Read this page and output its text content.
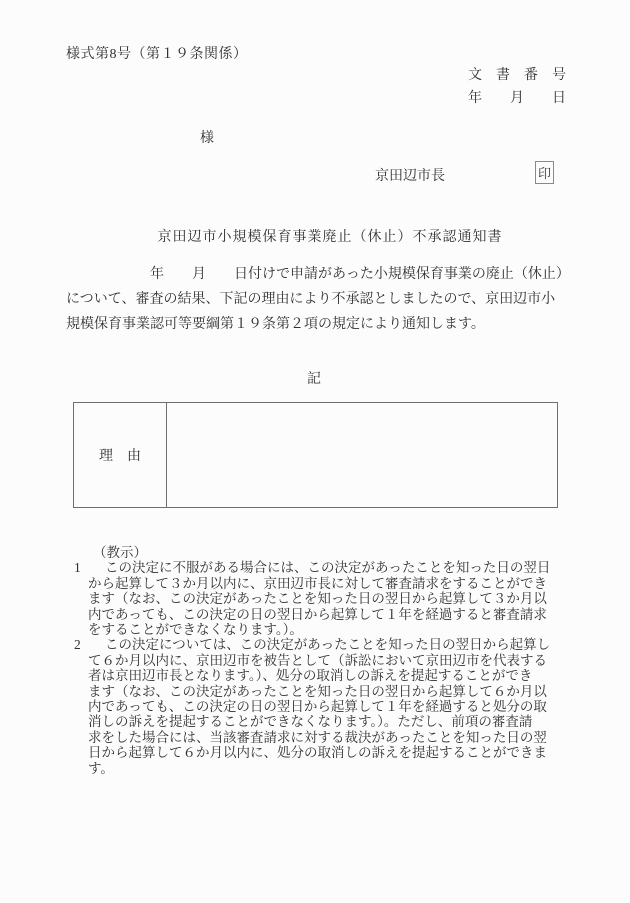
様式第8号（第１９条関係）
文　書　番　号
年　　月　　日
様
京田辺市長	印
京田辺市小規模保育事業廃止（休止）不承認通知書
　　　　　　年　　月　　日付けで申請があった小規模保育事業の廃止（休止）
について、審査の結果、下記の理由により不承認としましたので、京田辺市小
規模保育事業認可等要綱第１９条第２項の規定により通知します。
記
理　由
（教示）
1 この決定に不服がある場合には、この決定があったことを知った日の翌日
から起算して３か月以内に、京田辺市長に対して審査請求をすることができ
ます（なお、この決定があったことを知った日の翌日から起算して３か月以
内であっても、この決定の日の翌日から起算して１年を経過すると審査請求
をすることができなくなります。）。
2 この決定については、この決定があったことを知った日の翌日から起算し
て６か月以内に、京田辺市を被告として（訴訟において京田辺市を代表する
者は京田辺市長となります。）、処分の取消しの訴えを提起することができ
ます（なお、この決定があったことを知った日の翌日から起算して６か月以
内であっても、この決定の日の翌日から起算して１年を経過すると処分の取
消しの訴えを提起することができなくなります。）。ただし、前項の審査請
求をした場合には、当該審査請求に対する裁決があったことを知った日の翌
日から起算して６か月以内に、処分の取消しの訴えを提起することができま
す。
